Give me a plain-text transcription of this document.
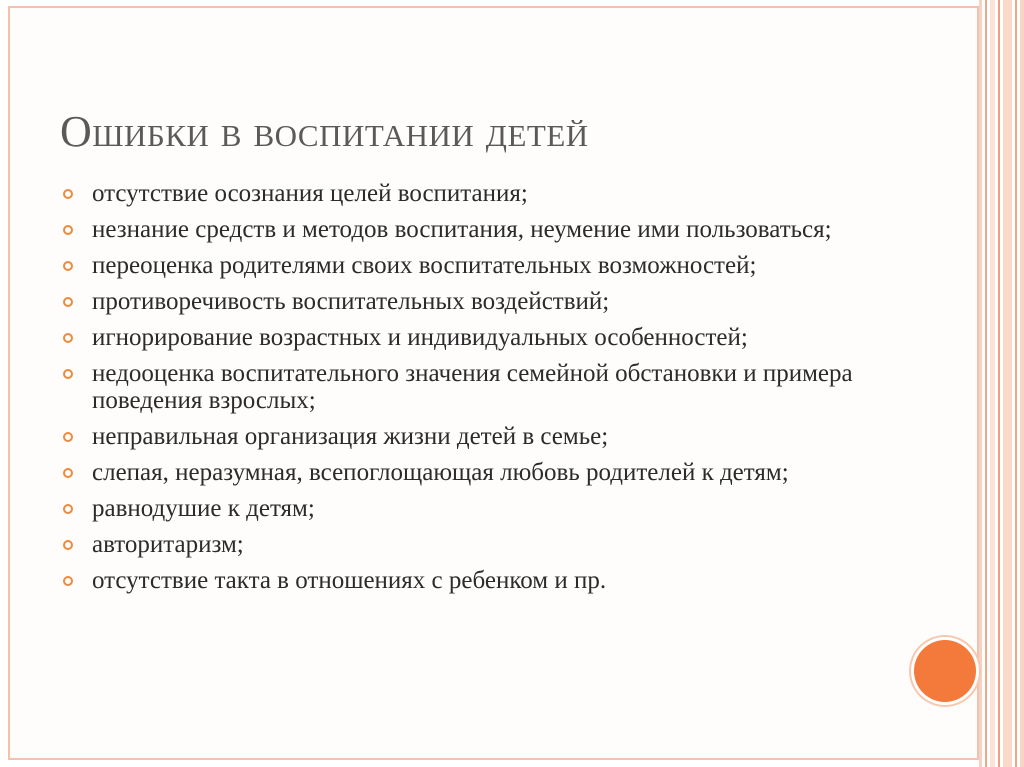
Ошибки в воспитании детей
отсутствие осознания целей воспитания;
незнание средств и методов воспитания, неумение ими пользоваться;
переоценка родителями своих воспитательных возможностей;
противоречивость воспитательных воздействий;
игнорирование возрастных и индивидуальных особенностей;
недооценка воспитательного значения семейной обстановки и примера поведения взрослых;
неправильная организация жизни детей в семье;
слепая, неразумная, всепоглощающая любовь родителей к детям;
равнодушие к детям;
авторитаризм;
отсутствие такта в отношениях с ребенком и пр.
